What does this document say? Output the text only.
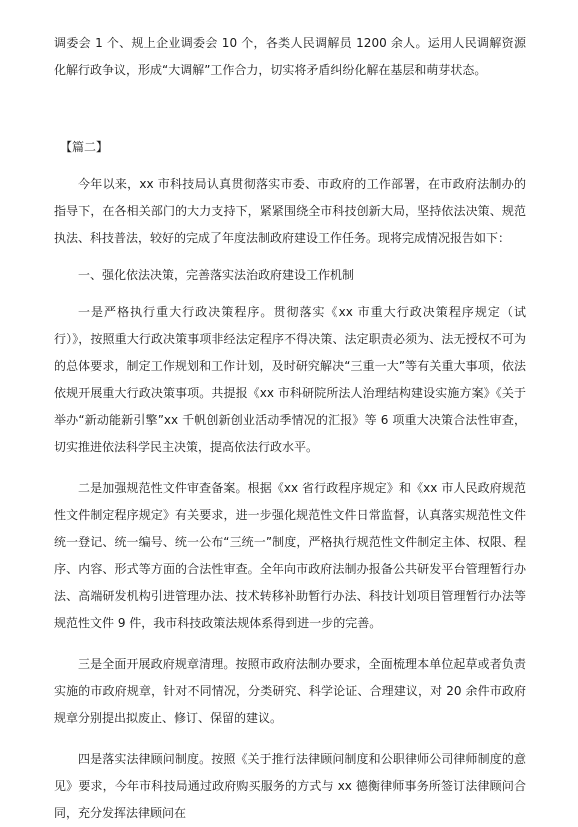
调委会 1 个、规上企业调委会 10 个，各类人民调解员 1200 余人。运用人民调解资源化解行政争议，形成“大调解”工作合力，切实将矛盾纠纷化解在基层和萌芽状态。

【篇二】

今年以来，xx 市科技局认真贯彻落实市委、市政府的工作部署，在市政府法制办的指导下，在各相关部门的大力支持下，紧紧围绕全市科技创新大局，坚持依法决策、规范执法、科技普法，较好的完成了年度法制政府建设工作任务。现将完成情况报告如下：

一、强化依法决策，完善落实法治政府建设工作机制

一是严格执行重大行政决策程序。贯彻落实《xx 市重大行政决策程序规定（试行）》，按照重大行政决策事项非经法定程序不得决策、法定职责必须为、法无授权不可为的总体要求，制定工作规划和工作计划，及时研究解决“三重一大”等有关重大事项，依法依规开展重大行政决策事项。共提报《xx 市科研院所法人治理结构建设实施方案》《关于举办“新动能新引擎”xx 千帆创新创业活动季情况的汇报》等 6 项重大决策合法性审查，切实推进依法科学民主决策，提高依法行政水平。

二是加强规范性文件审查备案。根据《xx 省行政程序规定》和《xx 市人民政府规范性文件制定程序规定》有关要求，进一步强化规范性文件日常监督，认真落实规范性文件统一登记、统一编号、统一公布“三统一”制度，严格执行规范性文件制定主体、权限、程序、内容、形式等方面的合法性审查。全年向市政府法制办报备公共研发平台管理暂行办法、高端研发机构引进管理办法、技术转移补助暂行办法、科技计划项目管理暂行办法等规范性文件 9 件，我市科技政策法规体系得到进一步的完善。

三是全面开展政府规章清理。按照市政府法制办要求，全面梳理本单位起草或者负责实施的市政府规章，针对不同情况，分类研究、科学论证、合理建议，对 20 余件市政府规章分别提出拟废止、修订、保留的建议。

四是落实法律顾问制度。按照《关于推行法律顾问制度和公职律师公司律师制度的意见》要求，今年市科技局通过政府购买服务的方式与 xx 德衡律师事务所签订法律顾问合同，充分发挥法律顾问在
